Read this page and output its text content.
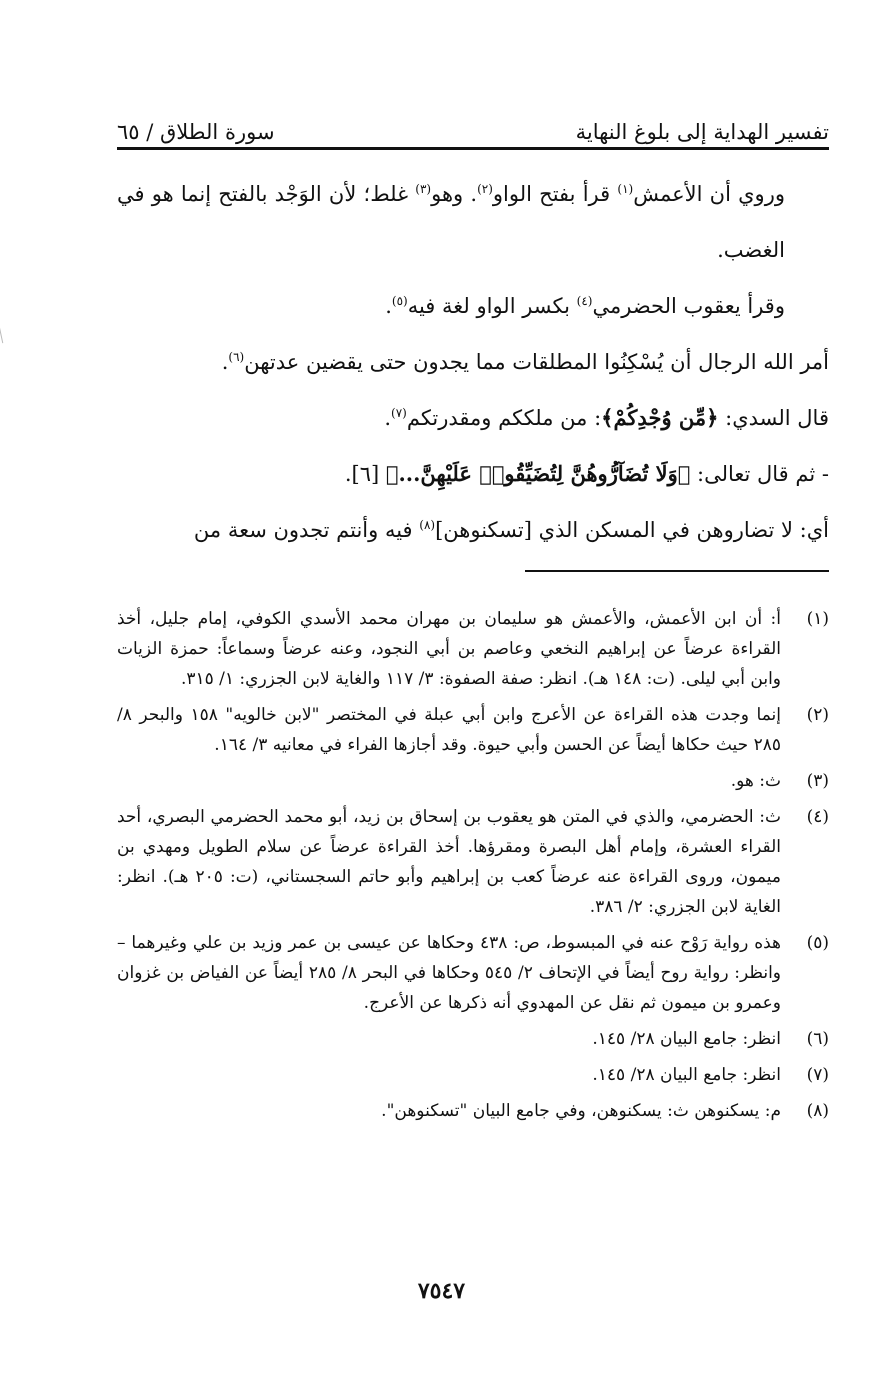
تفسير الهداية إلى بلوغ النهاية
سورة الطلاق / ٦٥

وروي أن الأعمش$^{(١)}$ قرأ بفتح الواو$^{(٢)}$. وهو$^{(٣)}$ غلط؛ لأن الوَجْد بالفتح إنما هو في الغضب.

وقرأ يعقوب الحضرمي$^{(٤)}$ بكسر الواو لغة فيه$^{(٥)}$.

أمر الله الرجال أن يُسْكِنُوا المطلقات مما يجدون حتى يقضين عدتهن$^{(٦)}$.

قال السدي: ﴿مِّن وُجْدِكُمْ﴾: من ملككم ومقدرتكم$^{(٧)}$.

- ثم قال تعالى: ﴿وَلَا تُضَآرُّوهُنَّ لِتُضَيِّقُوا۟ عَلَيْهِنَّ...﴾ [٦].

أي: لا تضاروهن في المسكن الذي [تسكنوهن]$^{(٨)}$ فيه وأنتم تجدون سعة من

(١)
أ: أن ابن الأعمش، والأعمش هو سليمان بن مهران محمد الأسدي الكوفي، إمام جليل، أخذ القراءة عرضاً عن إبراهيم النخعي وعاصم بن أبي النجود، وعنه عرضاً وسماعاً: حمزة الزيات وابن أبي ليلى. (ت: ١٤٨ هـ). انظر: صفة الصفوة: ٣/ ١١٧ والغاية لابن الجزري: ١/ ٣١٥.
(٢)
إنما وجدت هذه القراءة عن الأعرج وابن أبي عبلة في المختصر "لابن خالويه" ١٥٨ والبحر ٨/ ٢٨٥ حيث حكاها أيضاً عن الحسن وأبي حيوة. وقد أجازها الفراء في معانيه ٣/ ١٦٤.
(٣)
ث: هو.
(٤)
ث: الحضرمي، والذي في المتن هو يعقوب بن إسحاق بن زيد، أبو محمد الحضرمي البصري، أحد القراء العشرة، وإمام أهل البصرة ومقرؤها. أخذ القراءة عرضاً عن سلام الطويل ومهدي بن ميمون، وروى القراءة عنه عرضاً كعب بن إبراهيم وأبو حاتم السجستاني، (ت: ٢٠٥ هـ). انظر: الغاية لابن الجزري: ٢/ ٣٨٦.
(٥)
هذه رواية رَوْح عنه في المبسوط، ص: ٤٣٨ وحكاها عن عيسى بن عمر وزيد بن علي وغيرهما – وانظر: رواية روح أيضاً في الإتحاف ٢/ ٥٤٥ وحكاها في البحر ٨/ ٢٨٥ أيضاً عن الفياض بن غزوان وعمرو بن ميمون ثم نقل عن المهدوي أنه ذكرها عن الأعرج.
(٦)
انظر: جامع البيان ٢٨/ ١٤٥.
(٧)
انظر: جامع البيان ٢٨/ ١٤٥.
(٨)
م: يسكنوهن ث: يسكنوهن، وفي جامع البيان "تسكنوهن".
٧٥٤٧
